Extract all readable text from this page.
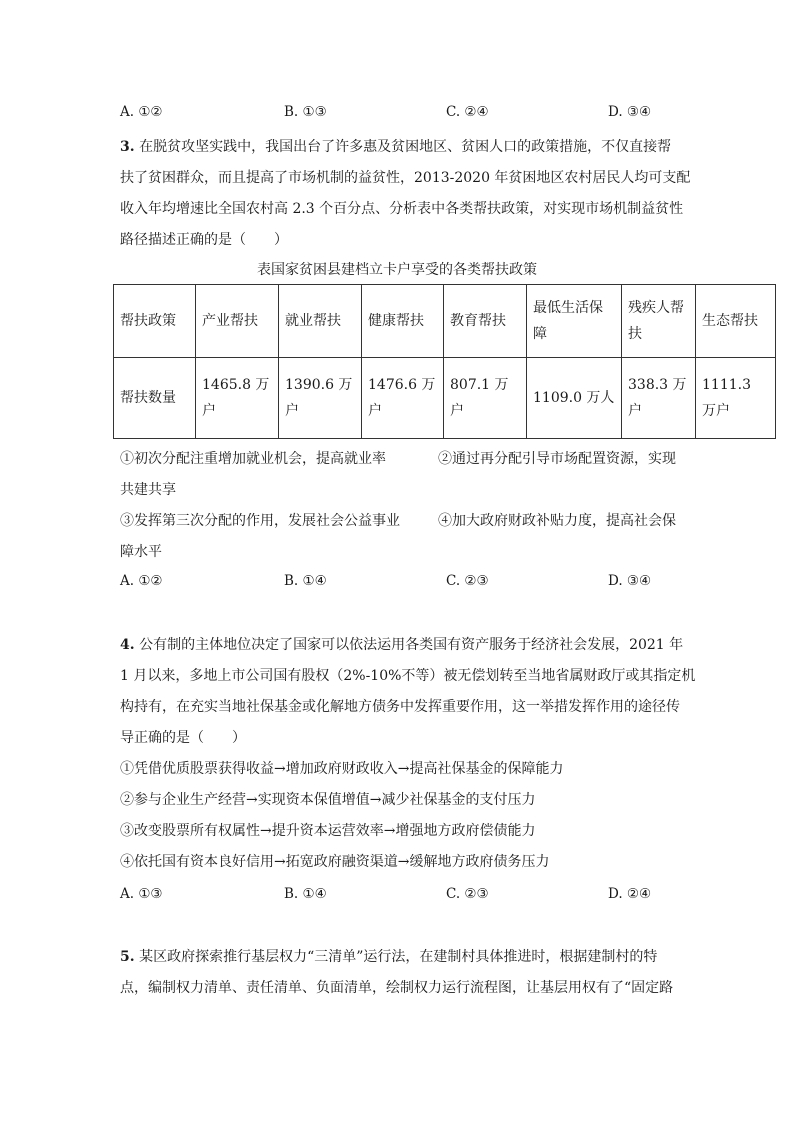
A. ①②	B. ①③	C. ②④	D. ③④
3. 在脱贫攻坚实践中，我国出台了许多惠及贫困地区、贫困人口的政策措施，不仅直接帮
扶了贫困群众，而且提高了市场机制的益贫性，2013-2020 年贫困地区农村居民人均可支配
收入年均增速比全国农村高 2.3 个百分点、分析表中各类帮扶政策，对实现市场机制益贫性
路径描述正确的是（　　）
表国家贫困县建档立卡户享受的各类帮扶政策
帮扶政策	产业帮扶	就业帮扶	健康帮扶	教育帮扶	最低生活保障	残疾人帮扶	生态帮扶
帮扶数量	1465.8 万户	1390.6 万户	1476.6 万户	807.1 万户	1109.0 万人	338.3 万户	1111.3 万户
①初次分配注重增加就业机会，提高就业率	②通过再分配引导市场配置资源，实现
共建共享
③发挥第三次分配的作用，发展社会公益事业	④加大政府财政补贴力度，提高社会保
障水平
A. ①②	B. ①④	C. ②③	D. ③④
4. 公有制的主体地位决定了国家可以依法运用各类国有资产服务于经济社会发展，2021 年
1 月以来，多地上市公司国有股权（2%-10%不等）被无偿划转至当地省属财政厅或其指定机
构持有，在充实当地社保基金或化解地方债务中发挥重要作用，这一举措发挥作用的途径传
导正确的是（　　）
①凭借优质股票获得收益→增加政府财政收入→提高社保基金的保障能力
②参与企业生产经营→实现资本保值增值→减少社保基金的支付压力
③改变股票所有权属性→提升资本运营效率→增强地方政府偿债能力
④依托国有资本良好信用→拓宽政府融资渠道→缓解地方政府债务压力
A. ①③	B. ①④	C. ②③	D. ②④
5. 某区政府探索推行基层权力“三清单”运行法，在建制村具体推进时，根据建制村的特
点，编制权力清单、责任清单、负面清单，绘制权力运行流程图，让基层用权有了“固定路
